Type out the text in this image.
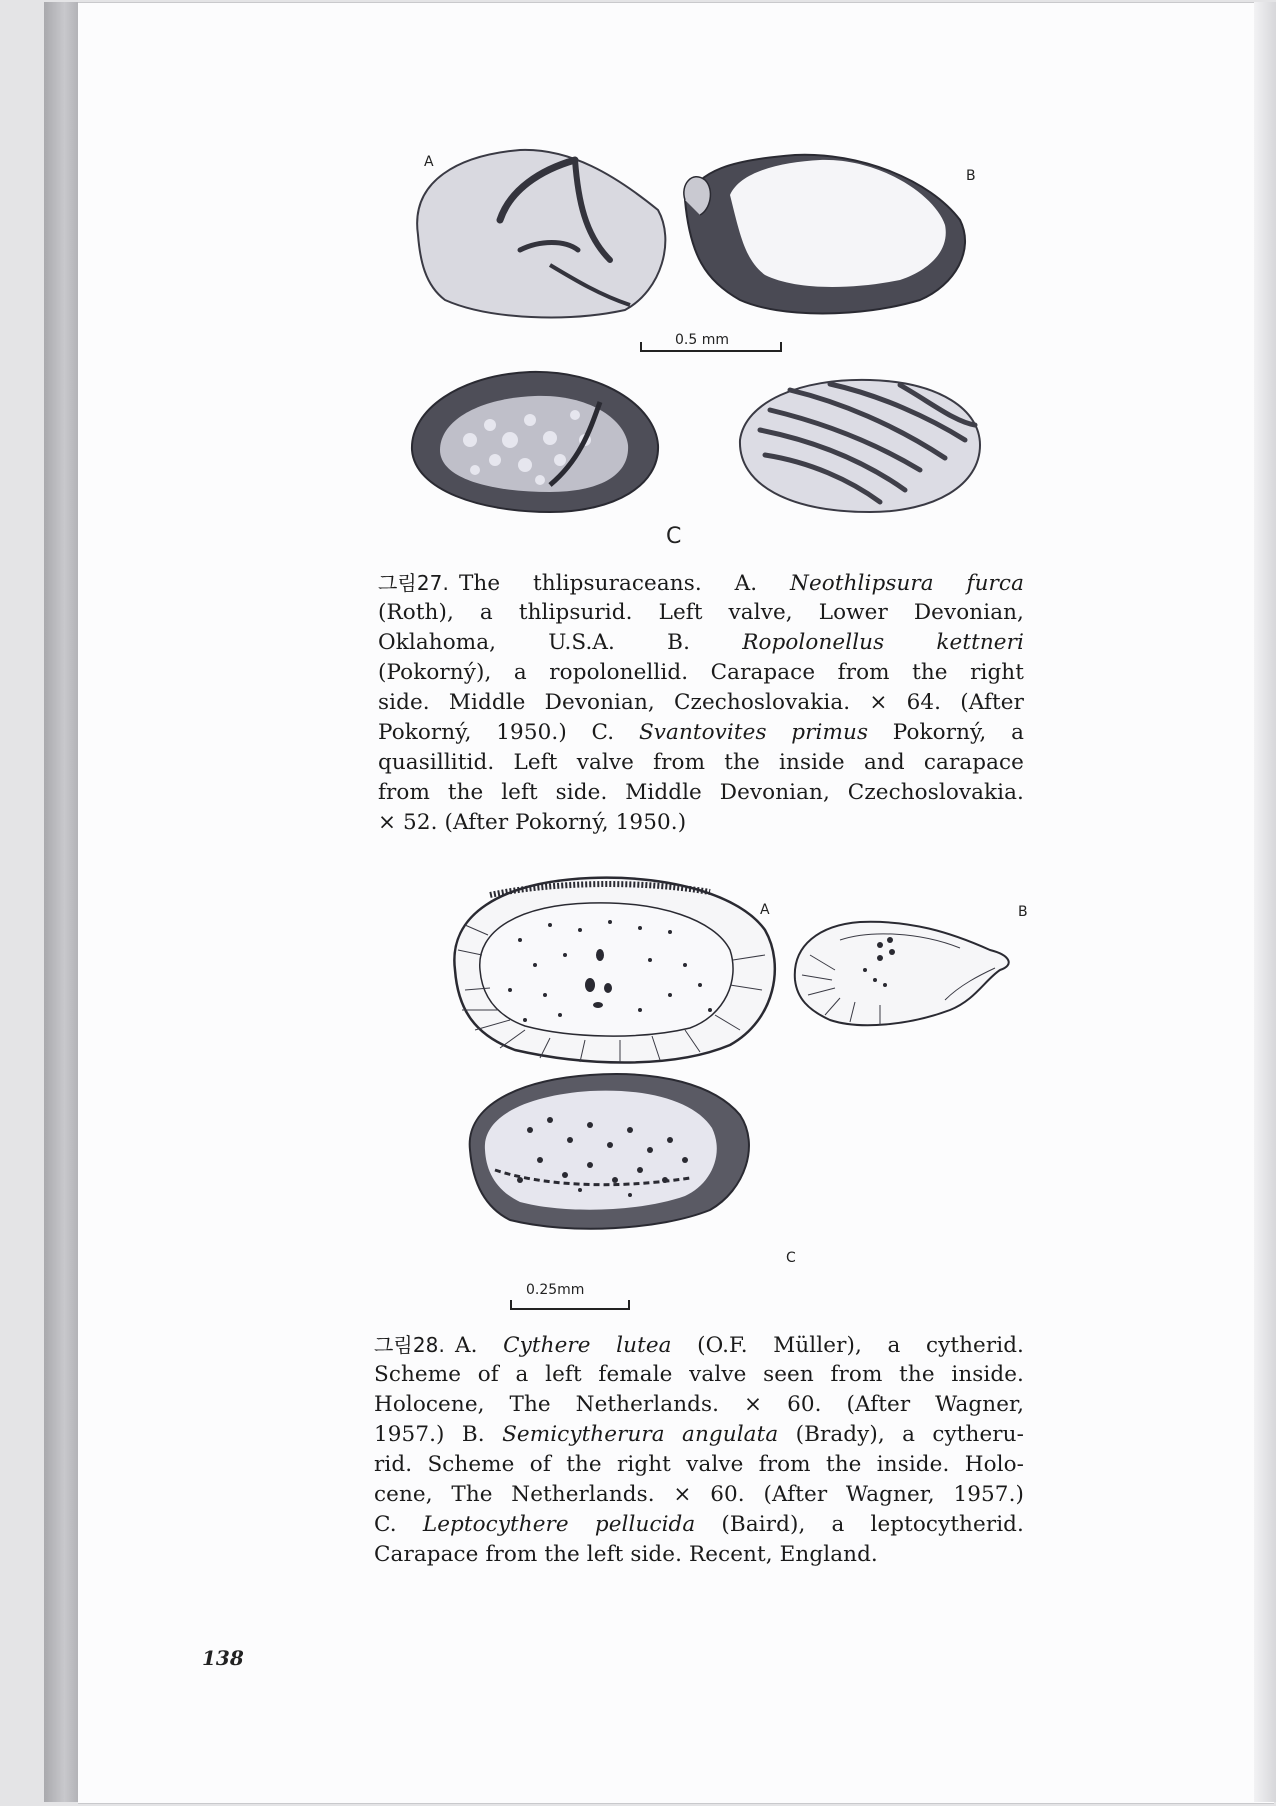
A
B
C
0.5 mm
그림27. The thlipsuraceans. A. Neothlipsura furca
(Roth), a thlipsurid. Left valve, Lower Devonian,
Oklahoma, U.S.A. B. Ropolonellus kettneri
(Pokorný), a ropolonellid. Carapace from the right
side. Middle Devonian, Czechoslovakia. × 64. (After
Pokorný, 1950.) C. Svantovites primus Pokorný, a
quasillitid. Left valve from the inside and carapace
from the left side. Middle Devonian, Czechoslovakia.
× 52. (After Pokorný, 1950.)
A	B
C
0.25mm
그림28. A. Cythere lutea (O.F. Müller), a cytherid.
Scheme of a left female valve seen from the inside.
Holocene, The Netherlands. × 60. (After Wagner,
1957.) B. Semicytherura angulata (Brady), a cytheru-
rid. Scheme of the right valve from the inside. Holo-
cene, The Netherlands. × 60. (After Wagner, 1957.)
C. Leptocythere pellucida (Baird), a leptocytherid.
Carapace from the left side. Recent, England.
138
